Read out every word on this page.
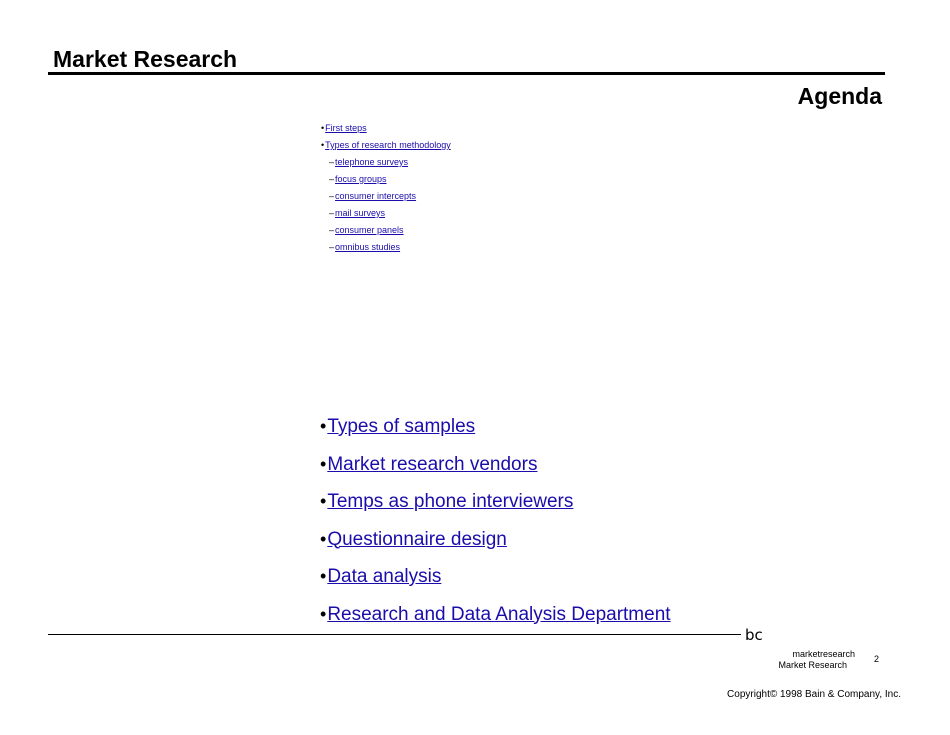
Market Research
Agenda
•First steps
•Types of research methodology
–telephone surveys
–focus groups
–consumer intercepts
–mail surveys
–consumer panels
–omnibus studies
•Types of samples
•Market research vendors
•Temps as phone interviewers
•Questionnaire design
•Data analysis
•Research and Data Analysis Department
bc
marketresearch
Market Research
2
Copyright© 1998 Bain & Company, Inc.
